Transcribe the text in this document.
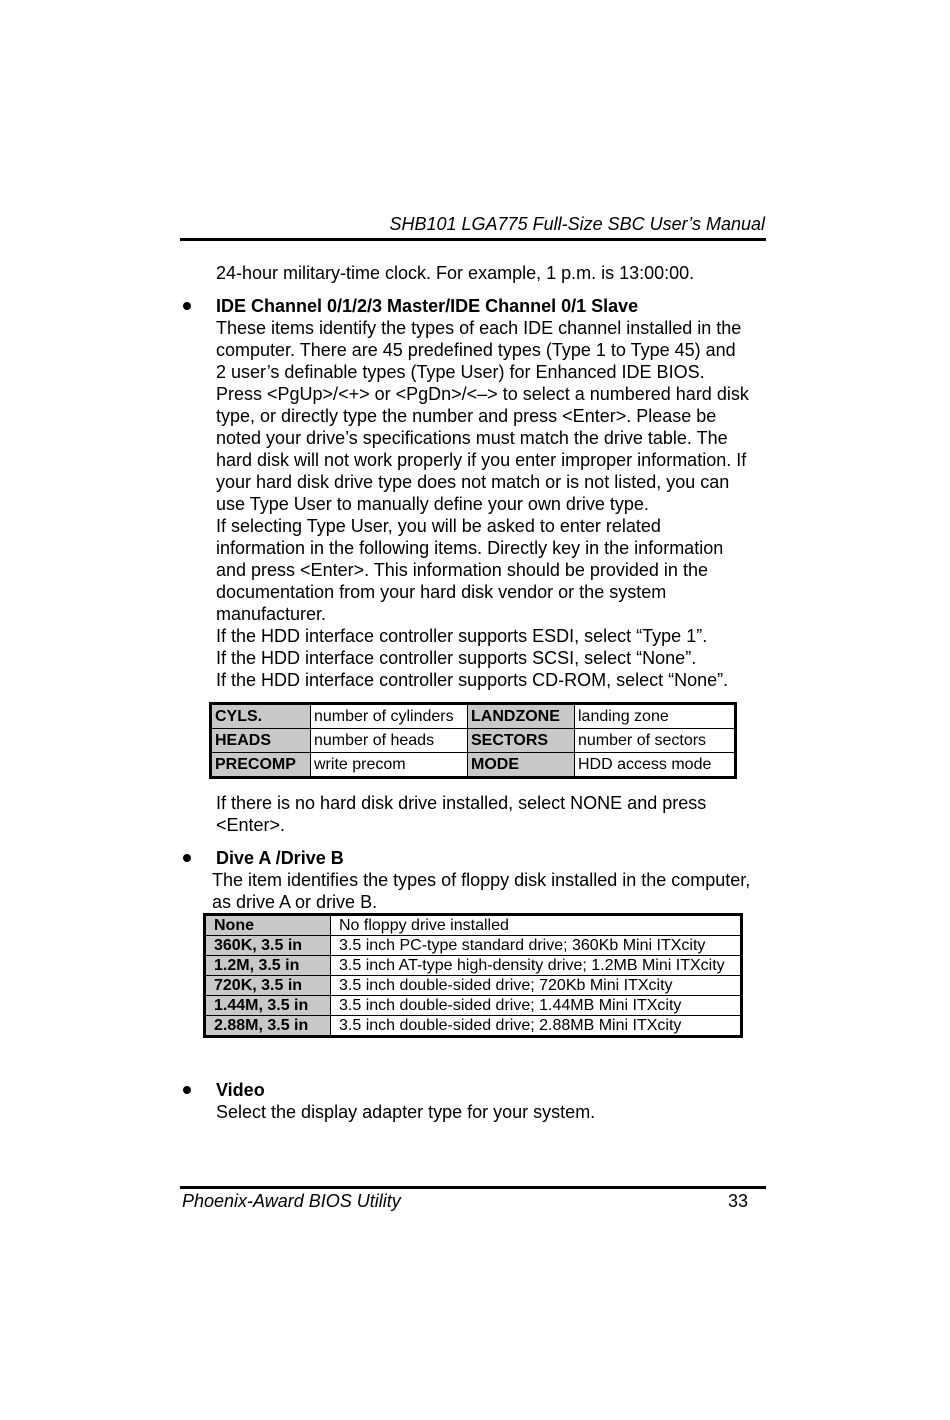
SHB101 LGA775 Full-Size SBC User’s Manual

24-hour military-time clock. For example, 1 p.m. is 13:00:00.

IDE Channel 0/1/2/3 Master/IDE Channel 0/1 Slave

These items identify the types of each IDE channel installed in the
computer. There are 45 predefined types (Type 1 to Type 45) and
2 user’s definable types (Type User) for Enhanced IDE BIOS.
Press <PgUp>/<+> or <PgDn>/<–> to select a numbered hard disk
type, or directly type the number and press <Enter>. Please be
noted your drive’s specifications must match the drive table. The
hard disk will not work properly if you enter improper information. If
your hard disk drive type does not match or is not listed, you can
use Type User to manually define your own drive type.
If selecting Type User, you will be asked to enter related
information in the following items. Directly key in the information
and press <Enter>. This information should be provided in the
documentation from your hard disk vendor or the system
manufacturer.
If the HDD interface controller supports ESDI, select “Type 1”.
If the HDD interface controller supports SCSI, select “None”.
If the HDD interface controller supports CD-ROM, select “None”.

CYLS.	number of cylinders	LANDZONE	landing zone
HEADS	number of heads	SECTORS	number of sectors
PRECOMP	write precom	MODE	HDD access mode

If there is no hard disk drive installed, select NONE and press
<Enter>.

Dive A /Drive B

The item identifies the types of floppy disk installed in the computer,
as drive A or drive B.

None	No floppy drive installed
360K, 3.5 in	3.5 inch PC-type standard drive; 360Kb Mini ITXcity
1.2M, 3.5 in	3.5 inch AT-type high-density drive; 1.2MB Mini ITXcity
720K, 3.5 in	3.5 inch double-sided drive; 720Kb Mini ITXcity
1.44M, 3.5 in	3.5 inch double-sided drive; 1.44MB Mini ITXcity
2.88M, 3.5 in	3.5 inch double-sided drive; 2.88MB Mini ITXcity

Video

Select the display adapter type for your system.

Phoenix-Award BIOS Utility	33
